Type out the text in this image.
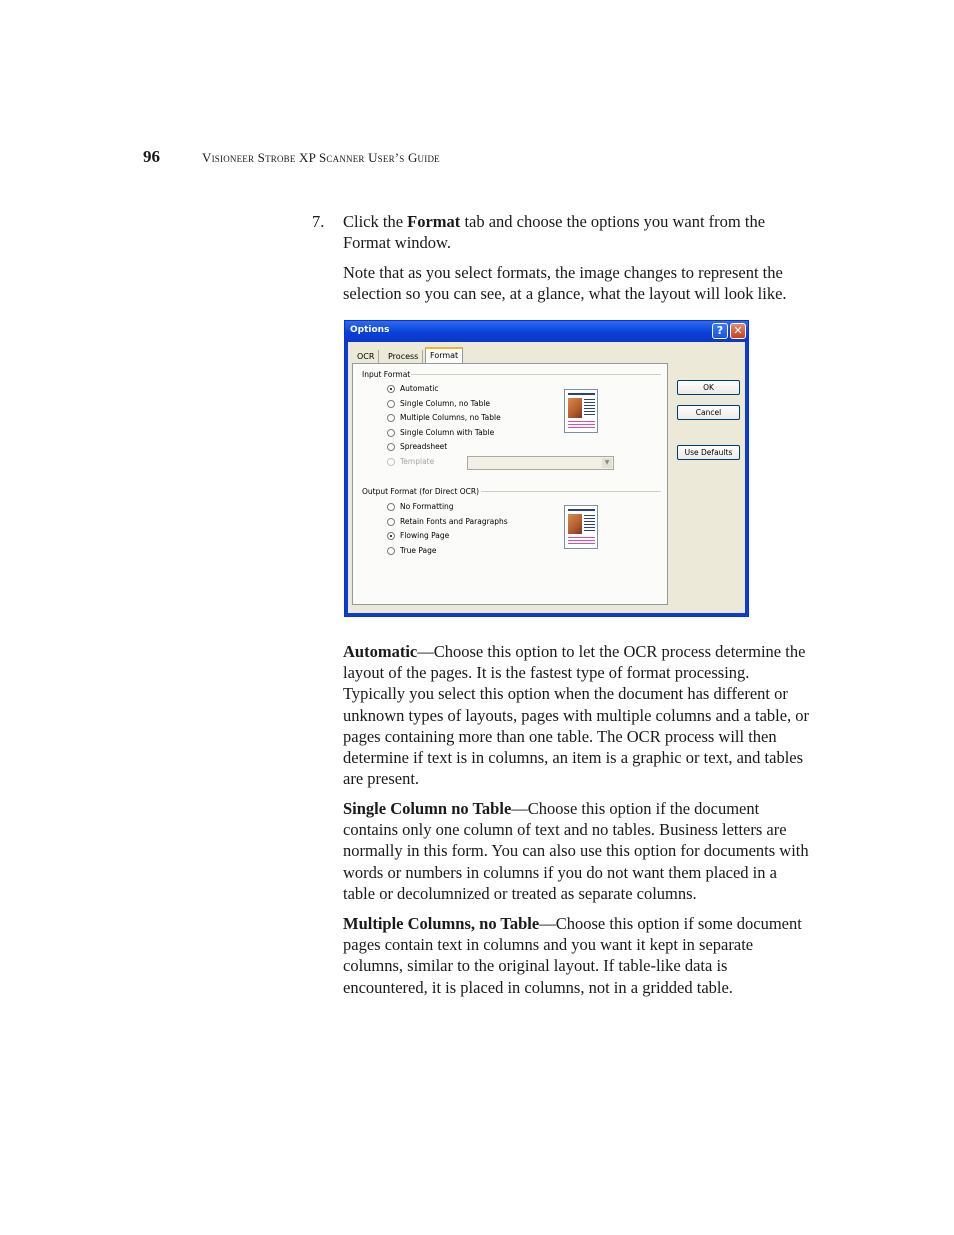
96	Visioneer Strobe XP Scanner User’s Guide
7. Click the Format tab and choose the options you want from the Format window.
Note that as you select formats, the image changes to represent the selection so you can see, at a glance, what the layout will look like.
Options	? ✕
OCR	Process	Format
Input Format
Automatic
Single Column, no Table
Multiple Columns, no Table
Single Column with Table
Spreadsheet
Template	▼
Output Format (for Direct OCR)
No Formatting
Retain Fonts and Paragraphs
Flowing Page
True Page
OK
Cancel
Use Defaults
Automatic—Choose this option to let the OCR process determine the layout of the pages. It is the fastest type of format processing. Typically you select this option when the document has different or unknown types of layouts, pages with multiple columns and a table, or pages containing more than one table. The OCR process will then determine if text is in columns, an item is a graphic or text, and tables are present.
Single Column no Table—Choose this option if the document contains only one column of text and no tables. Business letters are normally in this form. You can also use this option for documents with words or numbers in columns if you do not want them placed in a table or decolumnized or treated as separate columns.
Multiple Columns, no Table—Choose this option if some document pages contain text in columns and you want it kept in separate columns, similar to the original layout. If table-like data is encountered, it is placed in columns, not in a gridded table.
